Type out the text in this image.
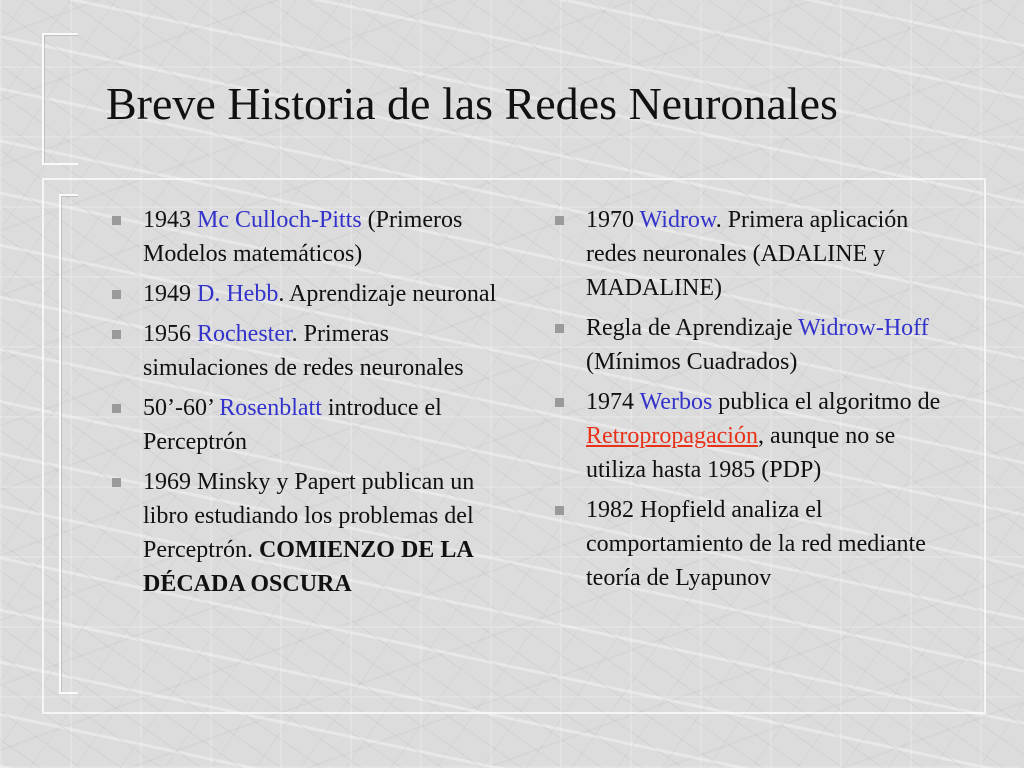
Breve Historia de las Redes Neuronales
1943 Mc Culloch-Pitts (Primeros Modelos matemáticos)
1949 D. Hebb. Aprendizaje neuronal
1956 Rochester. Primeras simulaciones de redes neuronales
50’-60’ Rosenblatt introduce el Perceptrón
1969 Minsky y Papert publican un libro estudiando los problemas del Perceptrón. COMIENZO DE LA DÉCADA OSCURA
1970 Widrow. Primera aplicación redes neuronales (ADALINE y MADALINE)
Regla de Aprendizaje Widrow-Hoff (Mínimos Cuadrados)
1974 Werbos publica el algoritmo de Retropropagación, aunque no se utiliza hasta 1985 (PDP)
1982 Hopfield analiza el comportamiento de la red mediante teoría de Lyapunov
